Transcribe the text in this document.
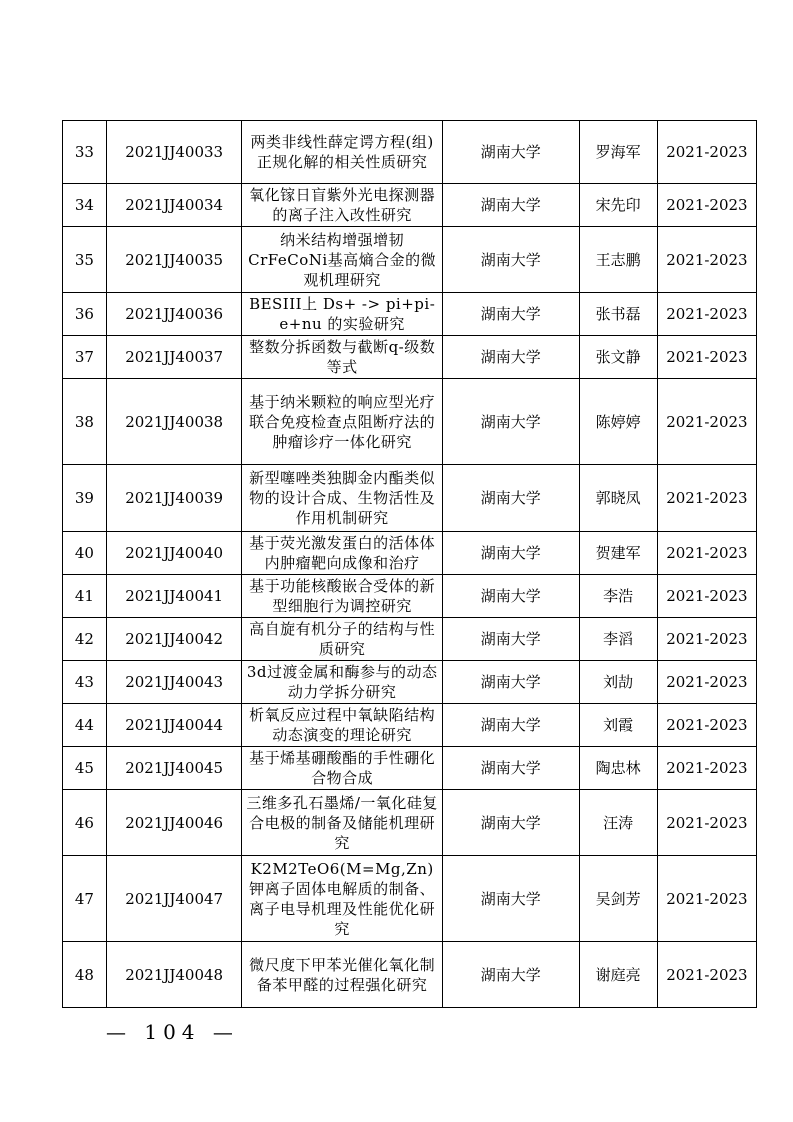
33	2021JJ40033	两类非线性薛定谔方程(组)正规化解的相关性质研究	湖南大学	罗海军	2021-2023
34	2021JJ40034	氧化镓日盲紫外光电探测器的离子注入改性研究	湖南大学	宋先印	2021-2023
35	2021JJ40035	纳米结构增强增韧CrFeCoNi基高熵合金的微观机理研究	湖南大学	王志鹏	2021-2023
36	2021JJ40036	BESIII上 Ds+ -> pi+pi-e+nu 的实验研究	湖南大学	张书磊	2021-2023
37	2021JJ40037	整数分拆函数与截断q-级数等式	湖南大学	张文静	2021-2023
38	2021JJ40038	基于纳米颗粒的响应型光疗联合免疫检查点阻断疗法的肿瘤诊疗一体化研究	湖南大学	陈婷婷	2021-2023
39	2021JJ40039	新型噻唑类独脚金内酯类似物的设计合成、生物活性及作用机制研究	湖南大学	郭晓凤	2021-2023
40	2021JJ40040	基于荧光激发蛋白的活体体内肿瘤靶向成像和治疗	湖南大学	贺建军	2021-2023
41	2021JJ40041	基于功能核酸嵌合受体的新型细胞行为调控研究	湖南大学	李浩	2021-2023
42	2021JJ40042	高自旋有机分子的结构与性质研究	湖南大学	李滔	2021-2023
43	2021JJ40043	3d过渡金属和酶参与的动态动力学拆分研究	湖南大学	刘劼	2021-2023
44	2021JJ40044	析氧反应过程中氧缺陷结构动态演变的理论研究	湖南大学	刘霞	2021-2023
45	2021JJ40045	基于烯基硼酸酯的手性硼化合物合成	湖南大学	陶忠林	2021-2023
46	2021JJ40046	三维多孔石墨烯/一氧化硅复合电极的制备及储能机理研究	湖南大学	汪涛	2021-2023
47	2021JJ40047	K2M2TeO6(M=Mg,Zn)钾离子固体电解质的制备、离子电导机理及性能优化研究	湖南大学	吴剑芳	2021-2023
48	2021JJ40048	微尺度下甲苯光催化氧化制备苯甲醛的过程强化研究	湖南大学	谢庭亮	2021-2023
— 104 —
